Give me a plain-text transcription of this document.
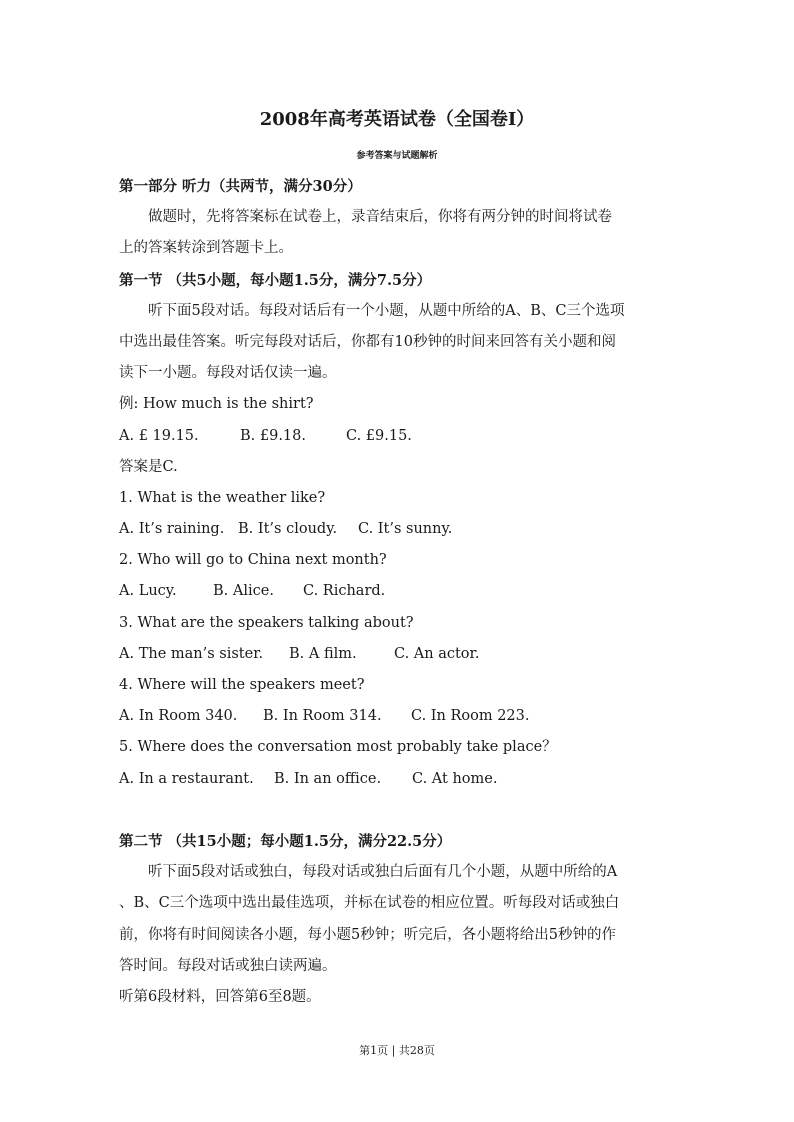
2008年高考英语试卷（全国卷I）
参考答案与试题解析
第一部分 听力（共两节，满分30分）
做题时，先将答案标在试卷上，录音结束后，你将有两分钟的时间将试卷
上的答案转涂到答题卡上。
第一节 （共5小题，每小题1.5分，满分7.5分）
听下面5段对话。每段对话后有一个小题，从题中所给的A、B、C三个选项
中选出最佳答案。听完每段对话后，你都有10秒钟的时间来回答有关小题和阅
读下一小题。每段对话仅读一遍。
例: How much is the shirt?
A. £ 19.15.	B. £9.18.	C. £9.15.
答案是C.
1. What is the weather like?
A. It’s raining. B. It’s cloudy. C. It’s sunny.
2. Who will go to China next month?
A. Lucy.	B. Alice. C. Richard.
3. What are the speakers talking about?
A. The man’s sister. B. A film.	C. An actor.
4. Where will the speakers meet?
A. In Room 340. B. In Room 314. C. In Room 223.
5. Where does the conversation most probably take place？
A. In a restaurant. B. In an office. C. At home.
第二节 （共15小题；每小题1.5分，满分22.5分）
听下面5段对话或独白，每段对话或独白后面有几个小题，从题中所给的A
、B、C三个选项中选出最佳选项，并标在试卷的相应位置。听每段对话或独白
前，你将有时间阅读各小题，每小题5秒钟；听完后，各小题将给出5秒钟的作
答时间。每段对话或独白读两遍。
听第6段材料，回答第6至8题。
第1页 | 共28页
